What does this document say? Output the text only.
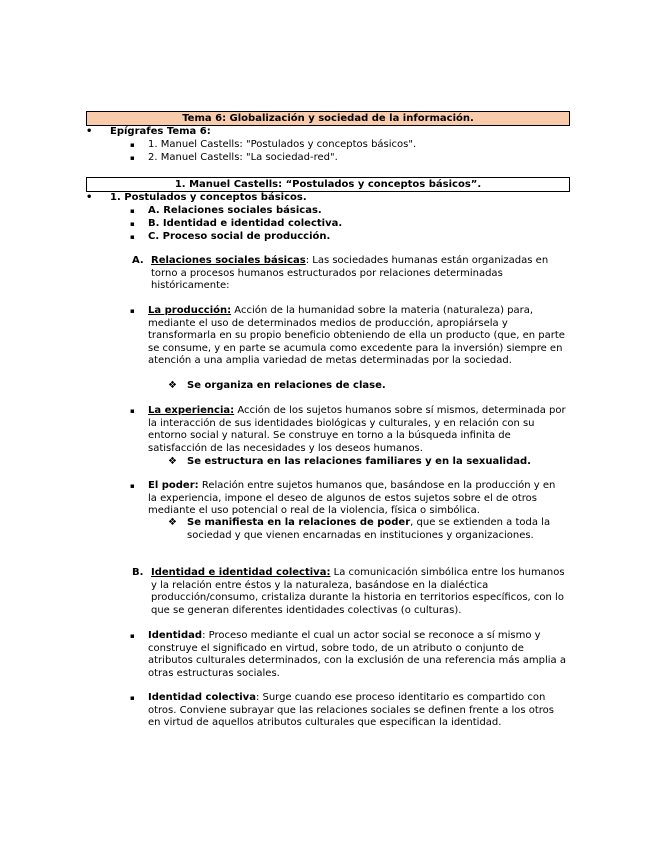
Tema 6: Globalización y sociedad de la información.
• Epígrafes Tema 6:
▪ 1. Manuel Castells: "Postulados y conceptos básicos".
▪ 2. Manuel Castells: "La sociedad-red".
1. Manuel Castells: “Postulados y conceptos básicos”.
• 1. Postulados y conceptos básicos.
▪ A. Relaciones sociales básicas.
▪ B. Identidad e identidad colectiva.
▪ C. Proceso social de producción.
A. Relaciones sociales básicas: Las sociedades humanas están organizadas en torno a procesos humanos estructurados por relaciones determinadas históricamente:
▪ La producción: Acción de la humanidad sobre la materia (naturaleza) para, mediante el uso de determinados medios de producción, apropiársela y transformarla en su propio beneficio obteniendo de ella un producto (que, en parte se consume, y en parte se acumula como excedente para la inversión) siempre en atención a una amplia variedad de metas determinadas por la sociedad.
❖ Se organiza en relaciones de clase.
▪ La experiencia: Acción de los sujetos humanos sobre sí mismos, determinada por la interacción de sus identidades biológicas y culturales, y en relación con su entorno social y natural. Se construye en torno a la búsqueda infinita de satisfacción de las necesidades y los deseos humanos.
❖ Se estructura en las relaciones familiares y en la sexualidad.
▪ El poder: Relación entre sujetos humanos que, basándose en la producción y en la experiencia, impone el deseo de algunos de estos sujetos sobre el de otros mediante el uso potencial o real de la violencia, física o simbólica.
❖ Se manifiesta en la relaciones de poder, que se extienden a toda la sociedad y que vienen encarnadas en instituciones y organizaciones.
B. Identidad e identidad colectiva: La comunicación simbólica entre los humanos y la relación entre éstos y la naturaleza, basándose en la dialéctica producción/consumo, cristaliza durante la historia en territorios específicos, con lo que se generan diferentes identidades colectivas (o culturas).
▪ Identidad: Proceso mediante el cual un actor social se reconoce a sí mismo y construye el significado en virtud, sobre todo, de un atributo o conjunto de atributos culturales determinados, con la exclusión de una referencia más amplia a otras estructuras sociales.
▪ Identidad colectiva: Surge cuando ese proceso identitario es compartido con otros. Conviene subrayar que las relaciones sociales se definen frente a los otros en virtud de aquellos atributos culturales que especifican la identidad.
